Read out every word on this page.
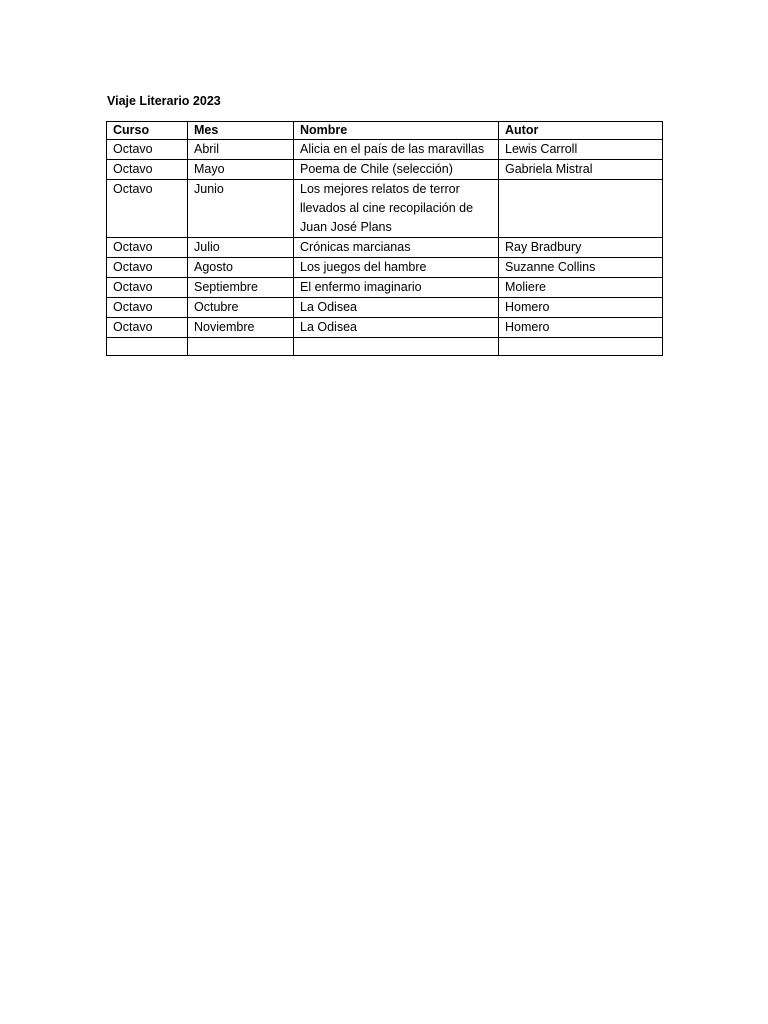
Viaje Literario 2023
Curso	Mes	Nombre	Autor
Octavo	Abril	Alicia en el país de las maravillas	Lewis Carroll
Octavo	Mayo	Poema de Chile (selección)	Gabriela Mistral
Octavo	Junio	Los mejores relatos de terror llevados al cine recopilación de Juan José Plans	
Octavo	Julio	Crónicas marcianas	Ray Bradbury
Octavo	Agosto	Los juegos del hambre	Suzanne Collins
Octavo	Septiembre	El enfermo imaginario	Moliere
Octavo	Octubre	La Odisea	Homero
Octavo	Noviembre	La Odisea	Homero
